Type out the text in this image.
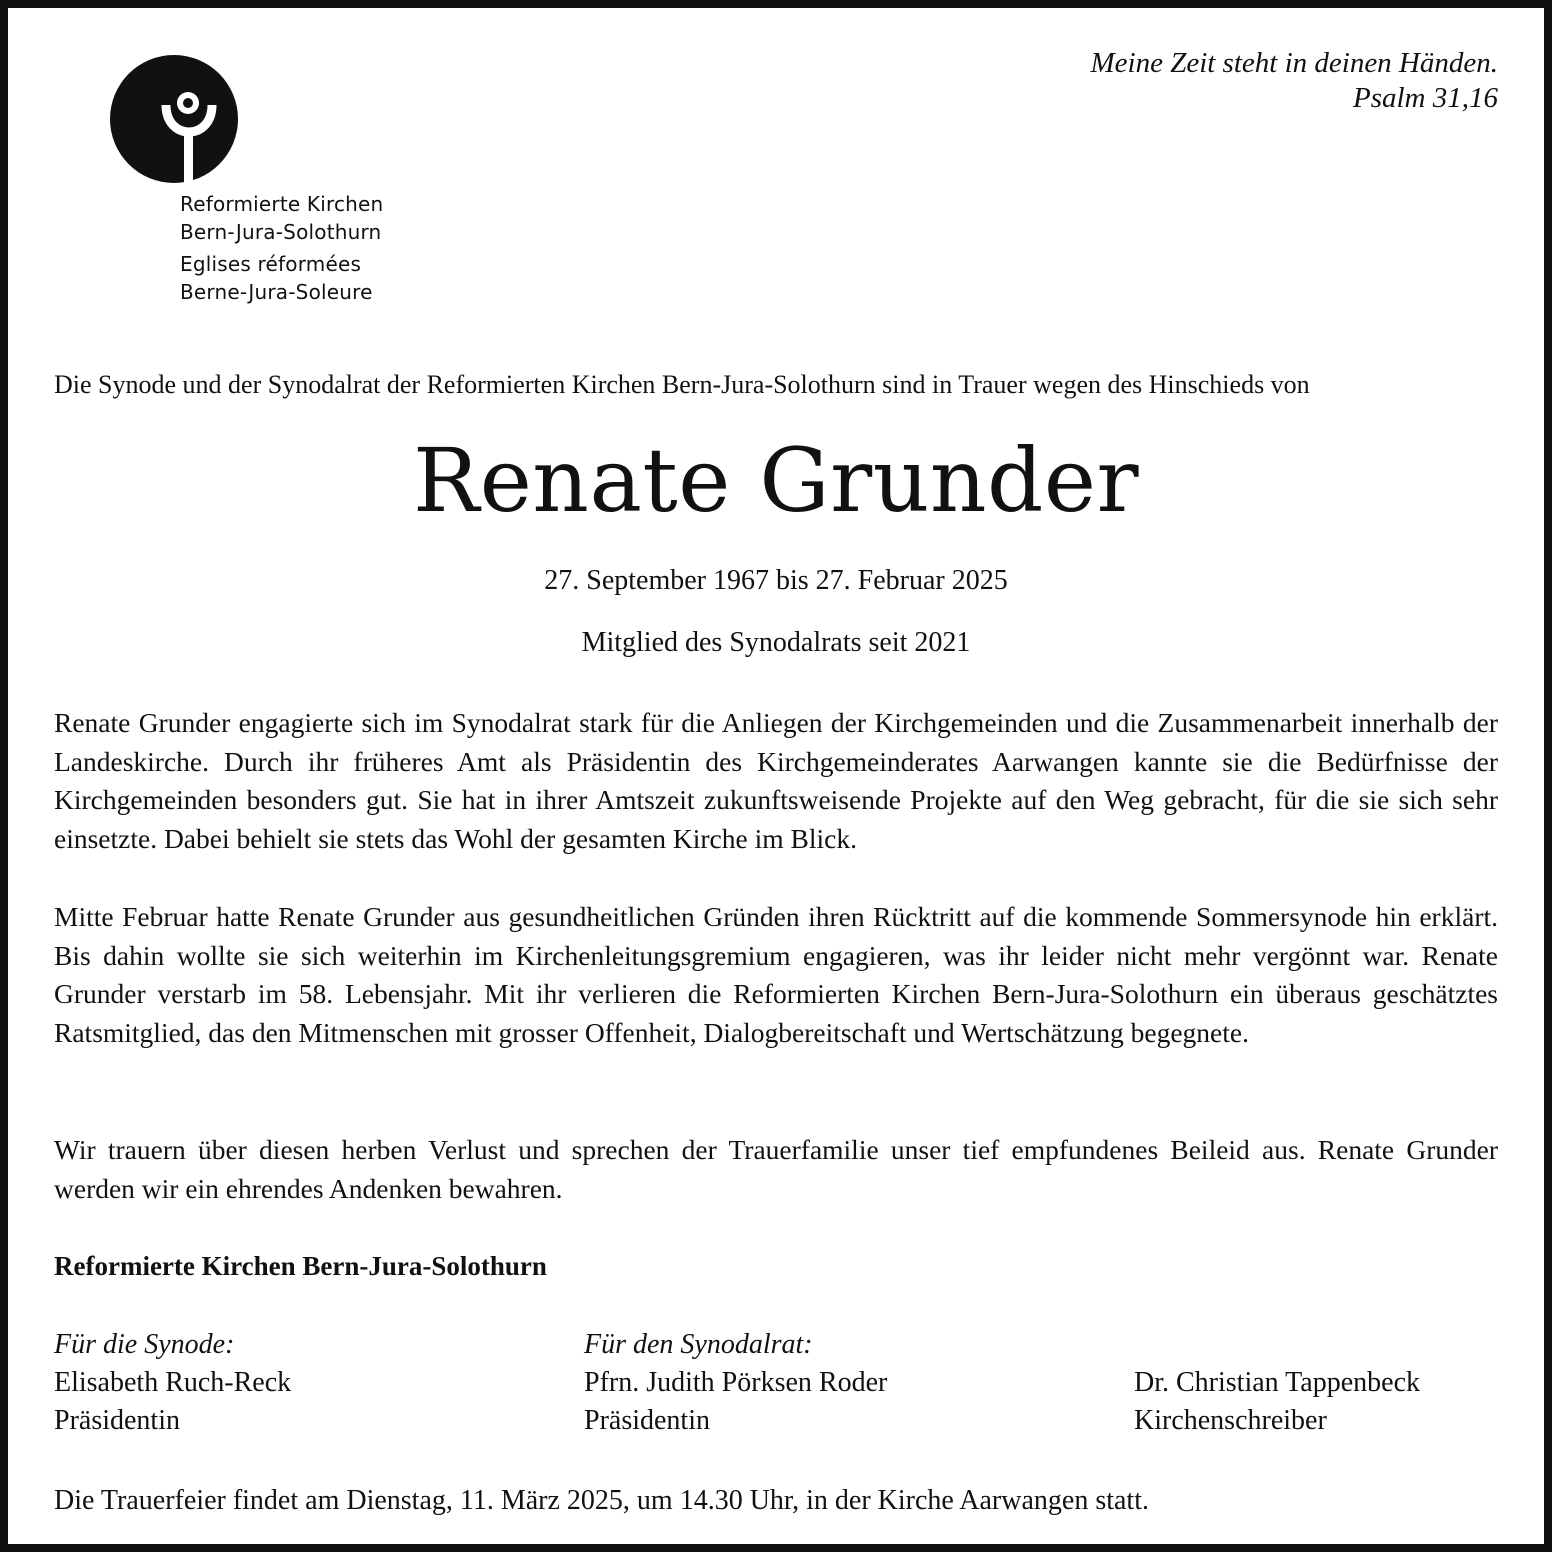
Reformierte Kirchen
Bern-Jura-Solothurn
Eglises réformées
Berne-Jura-Soleure
Meine Zeit steht in deinen Händen.
Psalm 31,16
Die Synode und der Synodalrat der Reformierten Kirchen Bern-Jura-Solothurn sind in Trauer wegen des Hinschieds von
Renate Grunder
27. September 1967 bis 27. Februar 2025
Mitglied des Synodalrats seit 2021
Renate Grunder engagierte sich im Synodalrat stark für die Anliegen der Kirchgemeinden und die Zusammenarbeit innerhalb der Landeskirche. Durch ihr früheres Amt als Präsidentin des Kirchgemeinderates Aarwangen kannte sie die Bedürfnisse der Kirchgemeinden besonders gut. Sie hat in ihrer Amtszeit zukunftsweisende Projekte auf den Weg gebracht, für die sie sich sehr einsetzte. Dabei behielt sie stets das Wohl der gesamten Kirche im Blick.
Mitte Februar hatte Renate Grunder aus gesundheitlichen Gründen ihren Rücktritt auf die kommende Sommersynode hin erklärt. Bis dahin wollte sie sich weiterhin im Kirchenleitungsgremium engagieren, was ihr leider nicht mehr vergönnt war. Renate Grunder verstarb im 58. Lebensjahr. Mit ihr verlieren die Reformierten Kirchen Bern-Jura-Solothurn ein überaus geschätztes Ratsmitglied, das den Mitmenschen mit grosser Offenheit, Dialogbereitschaft und Wertschätzung begegnete.
Wir trauern über diesen herben Verlust und sprechen der Trauerfamilie unser tief empfundenes Beileid aus. Renate Grunder werden wir ein ehrendes Andenken bewahren.
Reformierte Kirchen Bern-Jura-Solothurn
Für die Synode:
Elisabeth Ruch-Reck
Präsidentin
Für den Synodalrat:
Pfrn. Judith Pörksen Roder
Präsidentin
Dr. Christian Tappenbeck
Kirchenschreiber
Die Trauerfeier findet am Dienstag, 11. März 2025, um 14.30 Uhr, in der Kirche Aarwangen statt.
